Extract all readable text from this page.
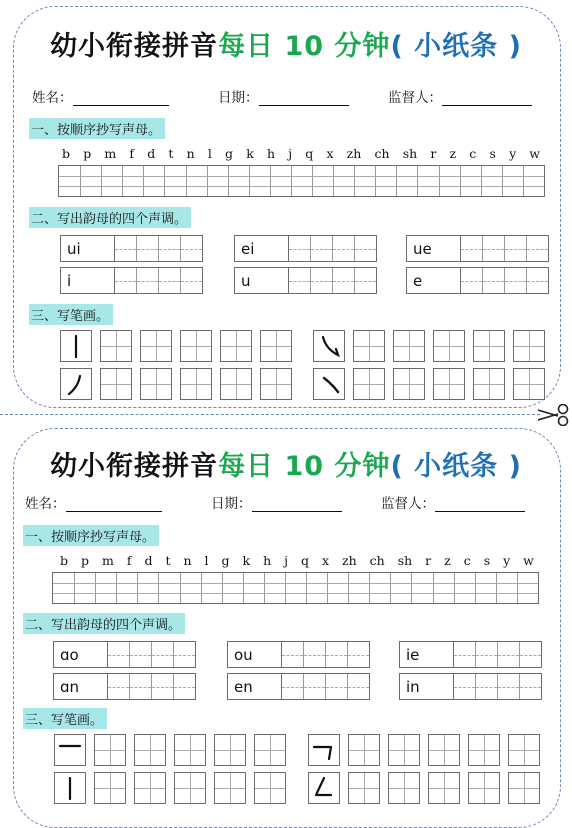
幼小衔接拼音每日 10 分钟( 小纸条 )
姓名：	日期：	监督人：
一、按顺序抄写声母。
b p m f d t n l g k h j q x zh ch sh r z c s y w
二、写出韵母的四个声调。
ui	ei	ue
i	u	e
三、写笔画。
幼小衔接拼音每日 10 分钟( 小纸条 )
姓名：	日期：	监督人：
一、按顺序抄写声母。
b p m f d t n l g k h j q x zh ch sh r z c s y w
二、写出韵母的四个声调。
ɑo	ou	ie
ɑn	en	in
三、写笔画。
